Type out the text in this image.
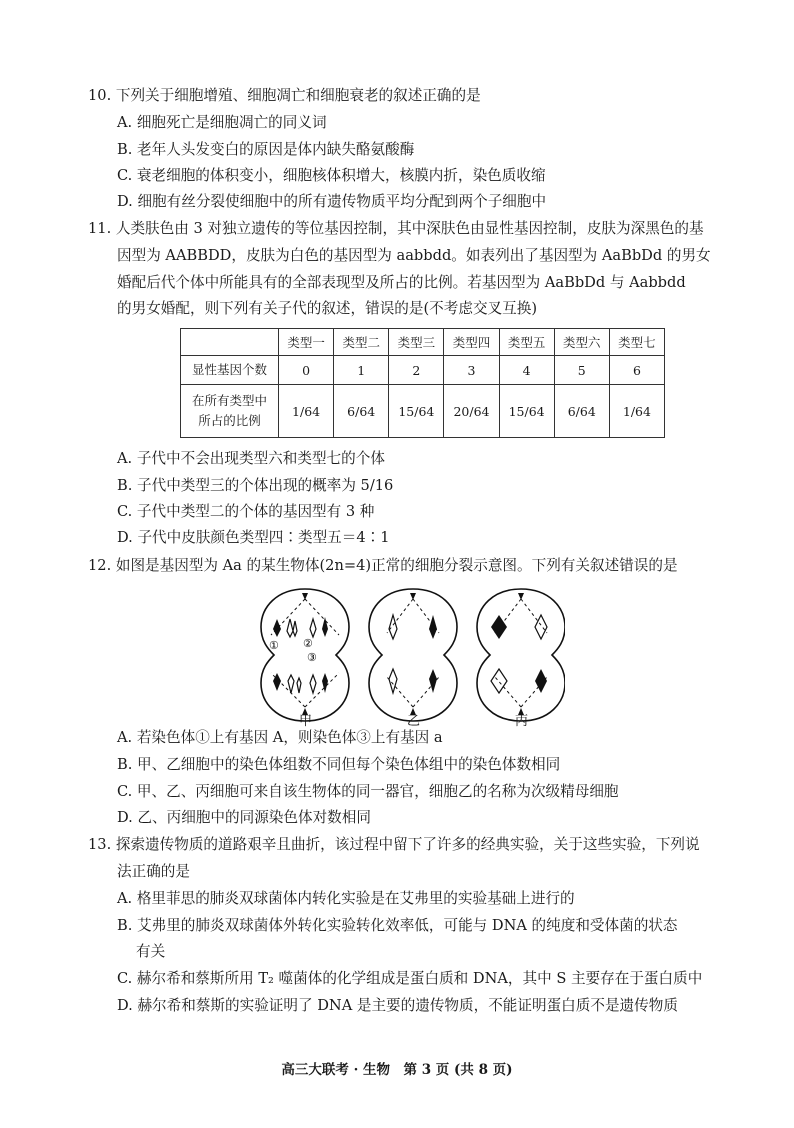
10. 下列关于细胞增殖、细胞凋亡和细胞衰老的叙述正确的是
A. 细胞死亡是细胞凋亡的同义词
B. 老年人头发变白的原因是体内缺失酪氨酸酶
C. 衰老细胞的体积变小，细胞核体积增大，核膜内折，染色质收缩
D. 细胞有丝分裂使细胞中的所有遗传物质平均分配到两个子细胞中
11. 人类肤色由 3 对独立遗传的等位基因控制，其中深肤色由显性基因控制，皮肤为深黑色的基
因型为 AABBDD，皮肤为白色的基因型为 aabbdd。如表列出了基因型为 AaBbDd 的男女
婚配后代个体中所能具有的全部表现型及所占的比例。若基因型为 AaBbDd 与 Aabbdd
的男女婚配，则下列有关子代的叙述，错误的是(不考虑交叉互换)
	类型一	类型二	类型三	类型四	类型五	类型六	类型七
显性基因个数	0	1	2	3	4	5	6

在所有类型中
所占的比例	1/64	6/64	15/64	20/64	15/64	6/64	1/64
A. 子代中不会出现类型六和类型七的个体
B. 子代中类型三的个体出现的概率为 5/16
C. 子代中类型二的个体的基因型有 3 种
D. 子代中皮肤颜色类型四∶类型五＝4∶1
12. 如图是基因型为 Aa 的某生物体(2n=4)正常的细胞分裂示意图。下列有关叙述错误的是
① ②
③
甲	乙	丙
A. 若染色体①上有基因 A，则染色体③上有基因 a
B. 甲、乙细胞中的染色体组数不同但每个染色体组中的染色体数相同
C. 甲、乙、丙细胞可来自该生物体的同一器官，细胞乙的名称为次级精母细胞
D. 乙、丙细胞中的同源染色体对数相同
13. 探索遗传物质的道路艰辛且曲折，该过程中留下了许多的经典实验，关于这些实验，下列说
法正确的是
A. 格里菲思的肺炎双球菌体内转化实验是在艾弗里的实验基础上进行的
B. 艾弗里的肺炎双球菌体外转化实验转化效率低，可能与 DNA 的纯度和受体菌的状态
有关
C. 赫尔希和蔡斯所用 T₂ 噬菌体的化学组成是蛋白质和 DNA，其中 S 主要存在于蛋白质中
D. 赫尔希和蔡斯的实验证明了 DNA 是主要的遗传物质，不能证明蛋白质不是遗传物质
高三大联考 · 生物　第 3 页 (共 8 页)
